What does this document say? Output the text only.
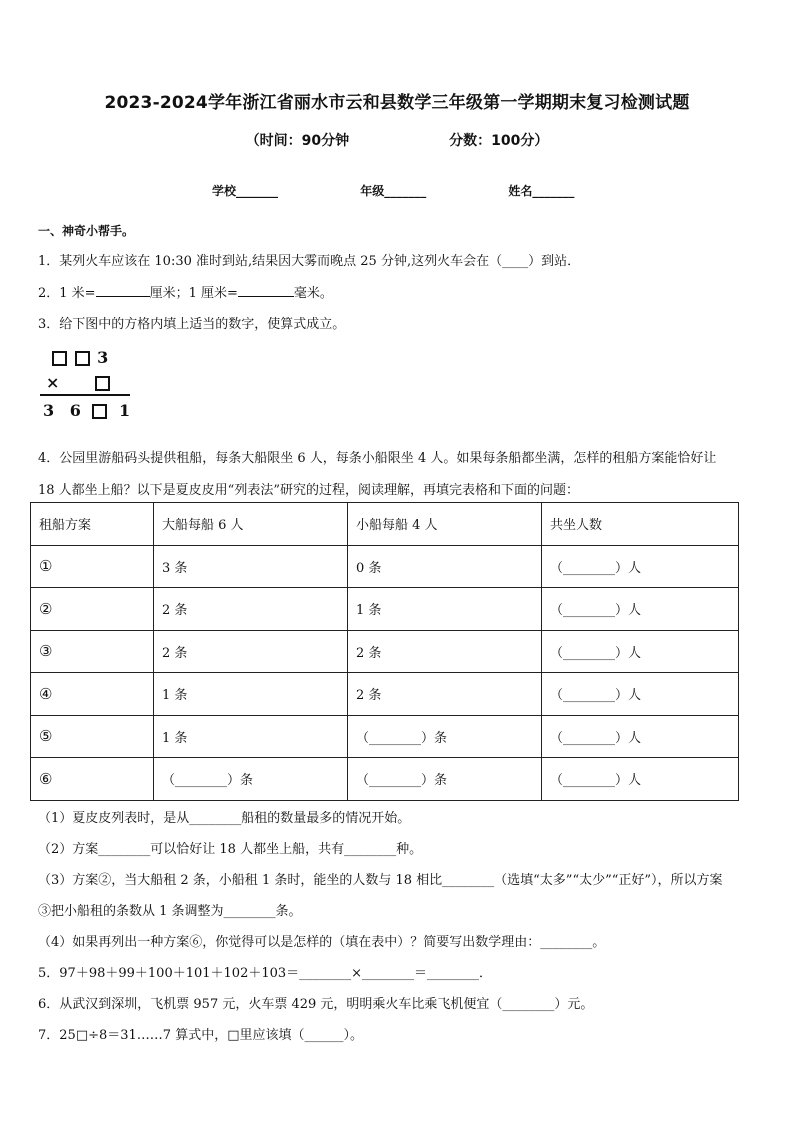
2023-2024学年浙江省丽水市云和县数学三年级第一学期期末复习检测试题
（时间：90分钟	分数：100分）
学校_______	年级_______	姓名_______
一、神奇小帮手。
1．某列火车应该在 10:30 准时到站,结果因大雾而晚点 25 分钟,这列火车会在（____）到站．
2．1 米=	厘米；1 厘米=	毫米。
3．给下图中的方格内填上适当的数字，使算式成立。
3
×
3 6 1
4．公园里游船码头提供租船，每条大船限坐 6 人，每条小船限坐 4 人。如果每条船都坐满，怎样的租船方案能恰好让
18 人都坐上船？以下是夏皮皮用“列表法”研究的过程，阅读理解，再填完表格和下面的问题：
租船方案	大船每船 6 人	小船每船 4 人	共坐人数
①	3 条	0 条	（________）人
②	2 条	1 条	（________）人
③	2 条	2 条	（________）人
④	1 条	2 条	（________）人
⑤	1 条	（________）条	（________）人
⑥	（________）条	（________）条	（________）人
（1）夏皮皮列表时，是从________船租的数量最多的情况开始。
（2）方案________可以恰好让 18 人都坐上船，共有________种。
（3）方案②，当大船租 2 条，小船租 1 条时，能坐的人数与 18 相比________（选填“太多”“太少”“正好”），所以方案
③把小船租的条数从 1 条调整为________条。
（4）如果再列出一种方案⑥，你觉得可以是怎样的（填在表中）？简要写出数学理由：________。
5．97＋98＋99＋100＋101＋102＋103＝________×________＝________．
6．从武汉到深圳，飞机票 957 元，火车票 429 元，明明乘火车比乘飞机便宜（________）元。
7．25□÷8＝31……7 算式中，□里应该填（______）。
